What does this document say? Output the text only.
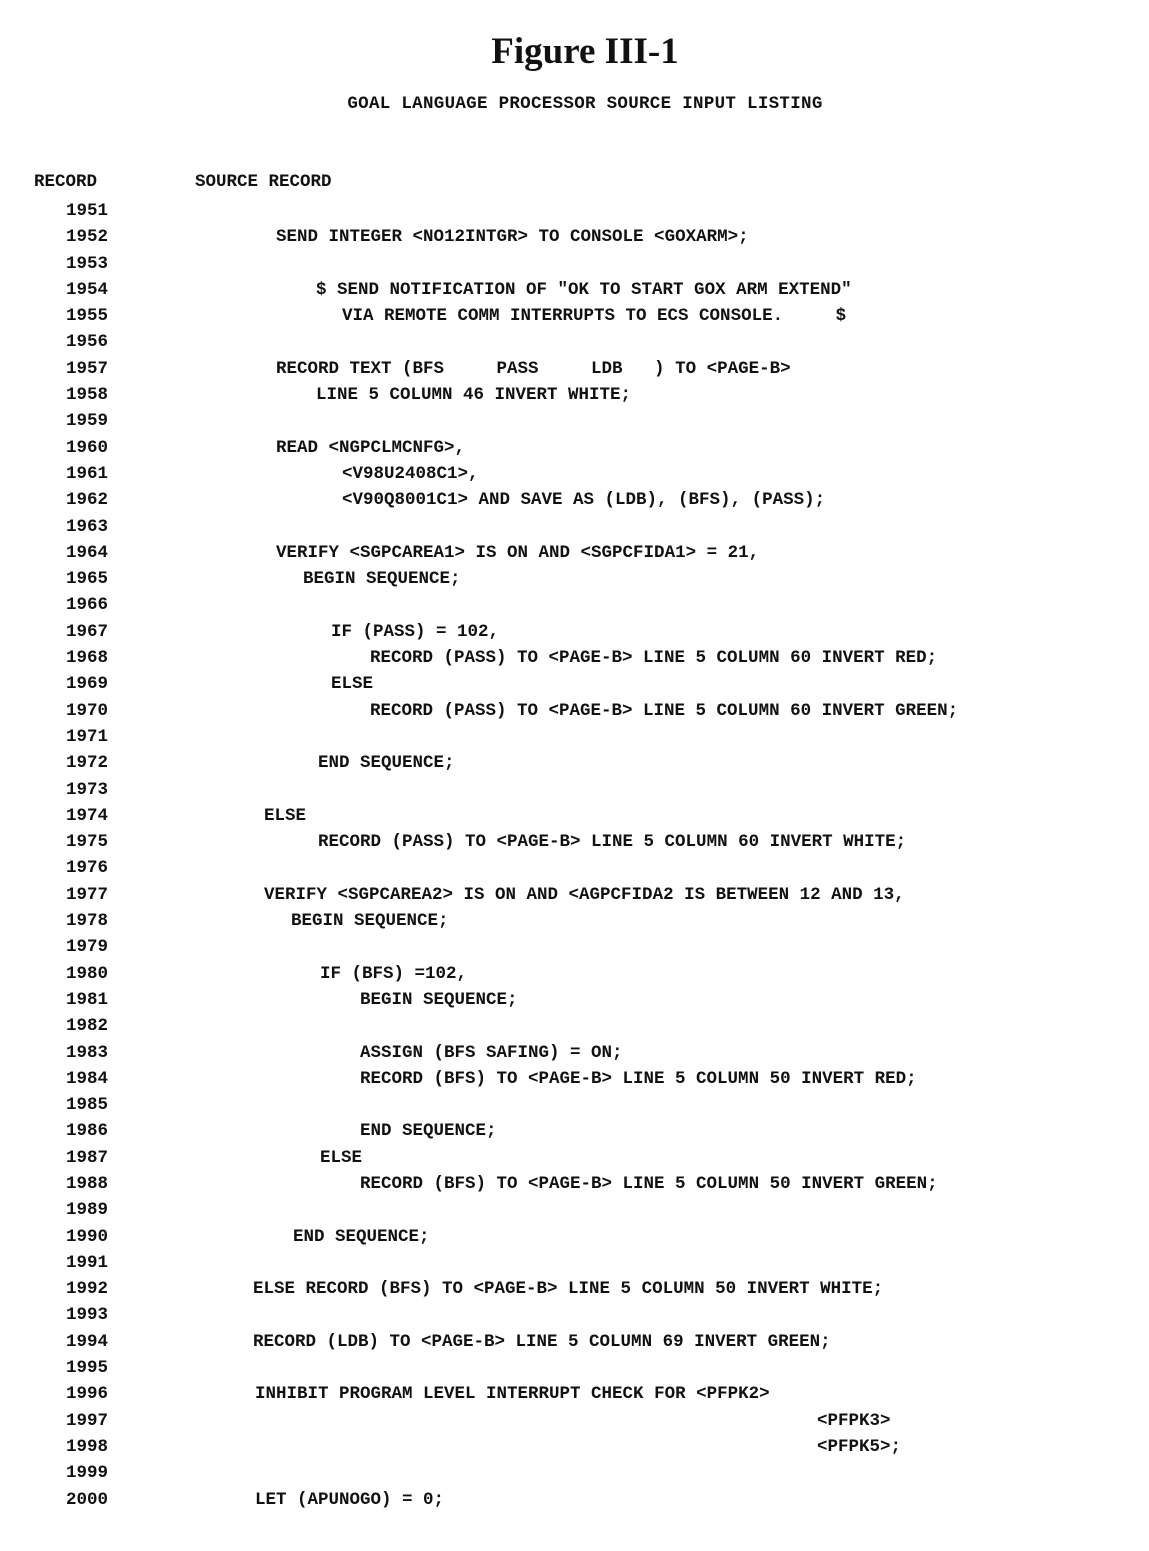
Figure III-1
GOAL LANGUAGE PROCESSOR SOURCE INPUT LISTING
RECORD	SOURCE RECORD
1951
1952	SEND INTEGER <NO12INTGR> TO CONSOLE <GOXARM>;
1953
1954	$ SEND NOTIFICATION OF "OK TO START GOX ARM EXTEND"
1955	VIA REMOTE COMM INTERRUPTS TO ECS CONSOLE.     $
1956
1957	RECORD TEXT (BFS     PASS     LDB   ) TO <PAGE-B>
1958	LINE 5 COLUMN 46 INVERT WHITE;
1959
1960	READ <NGPCLMCNFG>,
1961	<V98U2408C1>,
1962	<V90Q8001C1> AND SAVE AS (LDB), (BFS), (PASS);
1963
1964	VERIFY <SGPCAREA1> IS ON AND <SGPCFIDA1> = 21,
1965	BEGIN SEQUENCE;
1966
1967	IF (PASS) = 102,
1968	RECORD (PASS) TO <PAGE-B> LINE 5 COLUMN 60 INVERT RED;
1969	ELSE
1970	RECORD (PASS) TO <PAGE-B> LINE 5 COLUMN 60 INVERT GREEN;
1971
1972	END SEQUENCE;
1973
1974	ELSE
1975	RECORD (PASS) TO <PAGE-B> LINE 5 COLUMN 60 INVERT WHITE;
1976
1977	VERIFY <SGPCAREA2> IS ON AND <AGPCFIDA2 IS BETWEEN 12 AND 13,
1978	BEGIN SEQUENCE;
1979
1980	IF (BFS) =102,
1981	BEGIN SEQUENCE;
1982
1983	ASSIGN (BFS SAFING) = ON;
1984	RECORD (BFS) TO <PAGE-B> LINE 5 COLUMN 50 INVERT RED;
1985
1986	END SEQUENCE;
1987	ELSE
1988	RECORD (BFS) TO <PAGE-B> LINE 5 COLUMN 50 INVERT GREEN;
1989
1990	END SEQUENCE;
1991
1992	ELSE RECORD (BFS) TO <PAGE-B> LINE 5 COLUMN 50 INVERT WHITE;
1993
1994	RECORD (LDB) TO <PAGE-B> LINE 5 COLUMN 69 INVERT GREEN;
1995
1996	INHIBIT PROGRAM LEVEL INTERRUPT CHECK FOR <PFPK2>
1997	<PFPK3>
1998	<PFPK5>;
1999
2000	LET (APUNOGO) = 0;
